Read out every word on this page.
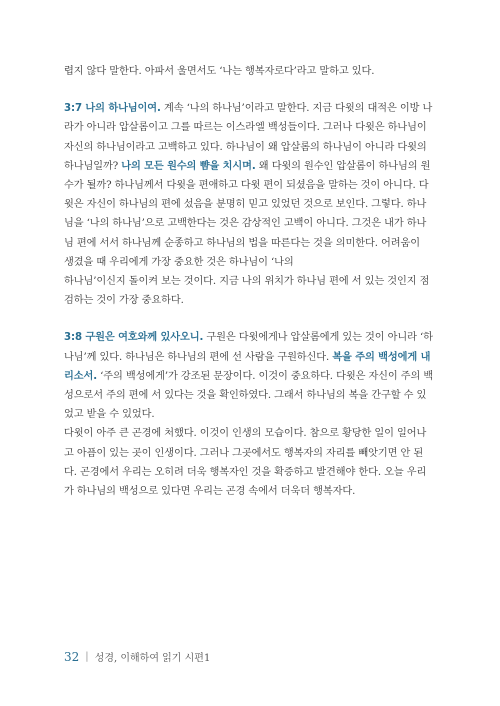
렵지 않다 말한다. 아파서 울면서도 ‘나는 행복자로다’라고 말하고 있다.

3:7 나의 하나님이여. 계속 ‘나의 하나님’이라고 말한다. 지금 다윗의 대적은 이방 나
라가 아니라 압살롬이고 그를 따르는 이스라엘 백성들이다. 그러나 다윗은 하나님이
자신의 하나님이라고 고백하고 있다. 하나님이 왜 압살롬의 하나님이 아니라 다윗의
하나님일까? 나의 모든 원수의 뺨을 치시며. 왜 다윗의 원수인 압살롬이 하나님의 원
수가 될까? 하나님께서 다윗을 편애하고 다윗 편이 되셨음을 말하는 것이 아니다. 다
윗은 자신이 하나님의 편에 섰음을 분명히 믿고 있었던 것으로 보인다. 그렇다. 하나
님을 ‘나의 하나님’으로 고백한다는 것은 감상적인 고백이 아니다. 그것은 내가 하나
님 편에 서서 하나님께 순종하고 하나님의 법을 따른다는 것을 의미한다. 어려움이
생겼을 때 우리에게 가장 중요한 것은 하나님이 ‘나의
하나님’이신지 돌이켜 보는 것이다. 지금 나의 위치가 하나님 편에 서 있는 것인지 점
검하는 것이 가장 중요하다.

3:8 구원은 여호와께 있사오니. 구원은 다윗에게나 압살롬에게 있는 것이 아니라 ‘하
나님’께 있다. 하나님은 하나님의 편에 선 사람을 구원하신다. 복을 주의 백성에게 내
리소서. ‘주의 백성에게’가 강조된 문장이다. 이것이 중요하다. 다윗은 자신이 주의 백
성으로서 주의 편에 서 있다는 것을 확인하였다. 그래서 하나님의 복을 간구할 수 있
었고 받을 수 있었다.
다윗이 아주 큰 곤경에 처했다. 이것이 인생의 모습이다. 참으로 황당한 일이 일어나
고 아픔이 있는 곳이 인생이다. 그러나 그곳에서도 행복자의 자리를 빼앗기면 안 된
다. 곤경에서 우리는 오히려 더욱 행복자인 것을 확증하고 발견해야 한다. 오늘 우리
가 하나님의 백성으로 있다면 우리는 곤경 속에서 더욱더 행복자다.

32 | 성경, 이해하여 읽기 시편1
